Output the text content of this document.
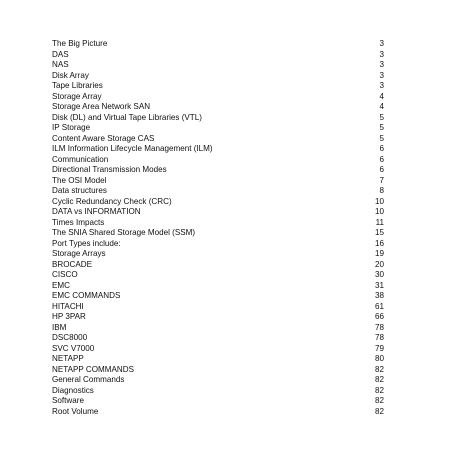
The Big Picture	3
DAS	3
NAS	3
Disk Array	3
Tape Libraries	3
Storage Array	4
Storage Area Network SAN	4
Disk (DL) and Virtual Tape Libraries (VTL)	5
IP Storage	5
Content Aware Storage CAS	5
ILM Information Lifecycle Management (ILM)	6
Communication	6
Directional Transmission Modes	6
The OSI Model	7
Data structures	8
Cyclic Redundancy Check (CRC)	10
DATA vs INFORMATION	10
Times Impacts	11
The SNIA Shared Storage Model (SSM)	15
Port Types include:	16
Storage Arrays	19
BROCADE	20
CISCO	30
EMC	31
EMC COMMANDS	38
HITACHI	61
HP 3PAR	66
IBM	78
DSC8000	78
SVC V7000	79
NETAPP	80
NETAPP COMMANDS	82
General Commands	82
Diagnostics	82
Software	82
Root Volume	82
